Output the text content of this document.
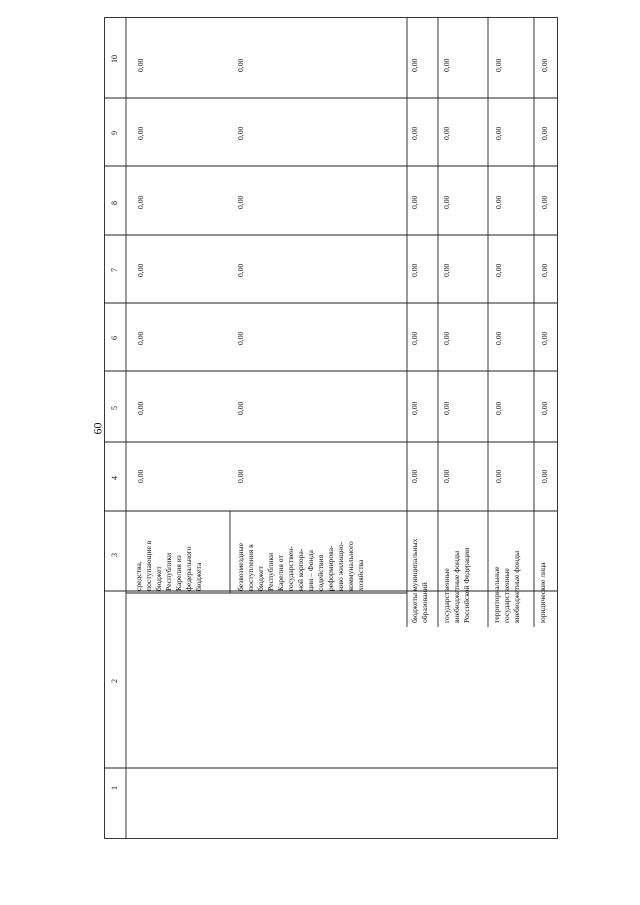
60
1
2
3
4
5
6
7
8
9
10
средства, поступающие в бюджет Республики Карелия из федерального бюджета
0,00
0,00
0,00
0,00
0,00
0,00
0,00
безвозмездные поступления в бюджет Республики Карелия от государствен- ной корпора- ции – Фонда содействия реформирова- нию жилищно- коммунального хозяйства
0,00
0,00
0,00
0,00
0,00
0,00
0,00
бюджеты муниципальных образований
0,00
0,00
0,00
0,00
0,00
0,00
0,00
государственные внебюджетные фонды Российской Федерации
0,00
0,00
0,00
0,00
0,00
0,00
0,00
территориальные государственные внебюджетные фонды
0,00
0,00
0,00
0,00
0,00
0,00
0,00
юридические лица
0,00
0,00
0,00
0,00
0,00
0,00
0,00
